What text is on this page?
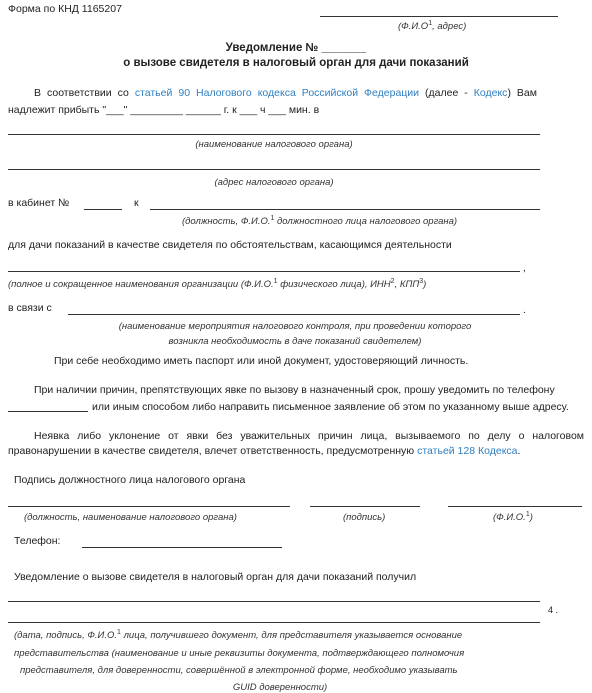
Форма по КНД 1165207
($Ф.И.О^1$, адрес)
Уведомление № _______
о вызове свидетеля в налоговый орган для дачи показаний
В соответствии со статьей 90 Налогового кодекса Российской Федерации (далее - Кодекс) Вам
надлежит прибыть "___" _________ ______ г. к ___ ч ___ мин. в
(наименование налогового органа)
(адрес налогового органа)
в кабинет №	к
(должность, Ф.И.О.$^1$ должностного лица налогового органа)
для дачи показаний в качестве свидетеля по обстоятельствам, касающимся деятельности
,
(полное и сокращенное наименования организации (Ф.И.О.$^1$ физического лица), ИНН$^2$, КПП$^3$)
в связи с	.
(наименование мероприятия налогового контроля, при проведении которого
возникла необходимость в даче показаний свидетелем)
При себе необходимо иметь паспорт или иной документ, удостоверяющий личность.
При наличии причин, препятствующих явке по вызову в назначенный срок, прошу уведомить по телефону
или иным способом либо направить письменное заявление об этом по указанному выше адресу.
Неявка либо уклонение от явки без уважительных причин лица, вызываемого по делу о налоговом
правонарушении в качестве свидетеля, влечет ответственность, предусмотренную статьей 128 Кодекса.
Подпись должностного лица налогового органа
(должность, наименование налогового органа)	(подпись)	(Ф.И.О.$^1$)
Телефон:
Уведомление о вызове свидетеля в налоговый орган для дачи показаний получил
4 .
(дата, подпись, Ф.И.О.$^1$ лица, получившего документ, для представителя указывается основание
представительства (наименование и иные реквизиты документа, подтверждающего полномочия
представителя, для доверенности, совершённой в электронной форме, необходимо указывать
GUID доверенности)
